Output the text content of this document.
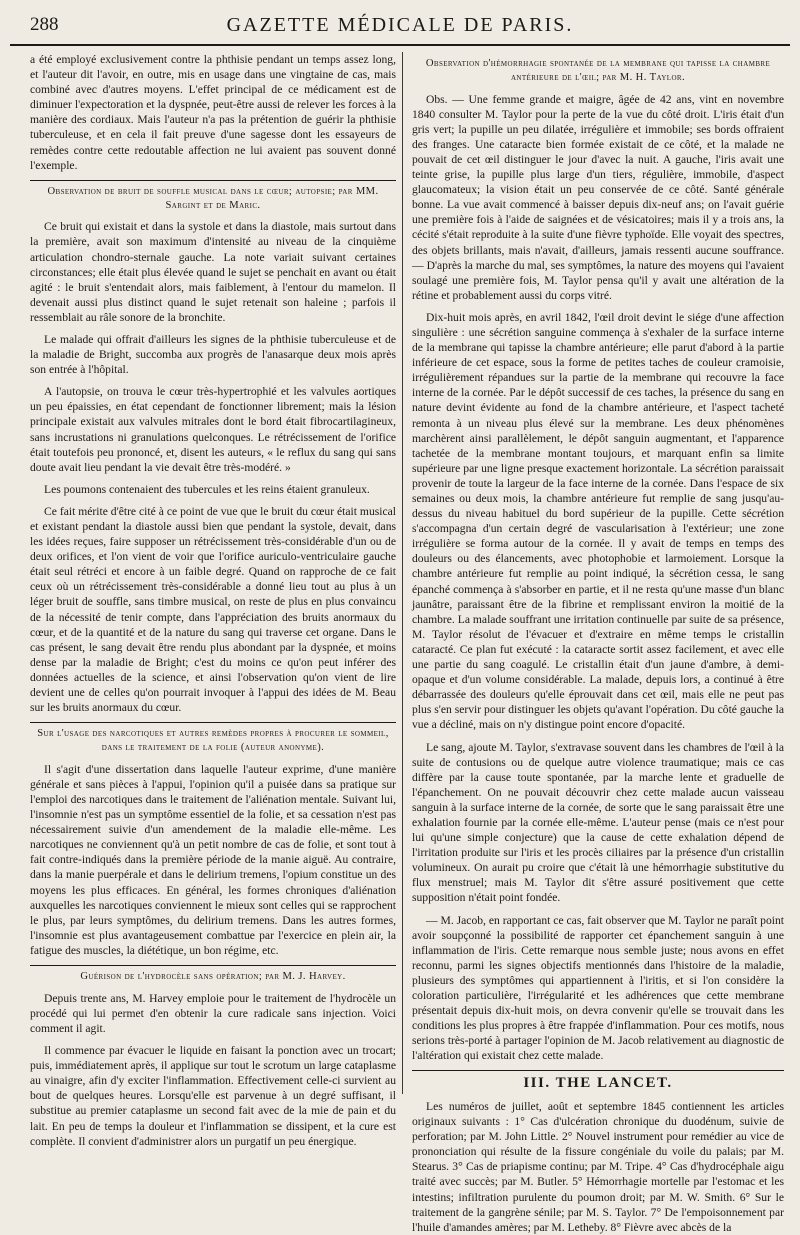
288	GAZETTE MÉDICALE DE PARIS.

a été employé exclusivement contre la phthisie pendant un temps assez long, et l'auteur dit l'avoir, en outre, mis en usage dans une vingtaine de cas, mais combiné avec d'autres moyens. L'effet principal de ce médicament est de diminuer l'expectoration et la dyspnée, peut-être aussi de relever les forces à la manière des cordiaux. Mais l'auteur n'a pas la prétention de guérir la phthisie tuberculeuse, et en cela il fait preuve d'une sagesse dont les essayeurs de remèdes contre cette redoutable affection ne lui avaient pas souvent donné l'exemple.

Observation de bruit de souffle musical dans le cœur; autopsie; par MM. Sargint et de Maric.

Ce bruit qui existait et dans la systole et dans la diastole, mais surtout dans la première, avait son maximum d'intensité au niveau de la cinquième articulation chondro-sternale gauche. La note variait suivant certaines circonstances; elle était plus élevée quand le sujet se penchait en avant ou était agité : le bruit s'entendait alors, mais faiblement, à l'entour du mamelon. Il devenait aussi plus distinct quand le sujet retenait son haleine ; parfois il ressemblait au râle sonore de la bronchite.

Le malade qui offrait d'ailleurs les signes de la phthisie tuberculeuse et de la maladie de Bright, succomba aux progrès de l'anasarque deux mois après son entrée à l'hôpital.

A l'autopsie, on trouva le cœur très-hypertrophié et les valvules aortiques un peu épaissies, en état cependant de fonctionner librement; mais la lésion principale existait aux valvules mitrales dont le bord était fibrocartilagineux, sans incrustations ni granulations quelconques. Le rétrécissement de l'orifice était toutefois peu prononcé, et, disent les auteurs, « le reflux du sang qui sans doute avait lieu pendant la vie devait être très-modéré. »

Les poumons contenaient des tubercules et les reins étaient granuleux.

Ce fait mérite d'être cité à ce point de vue que le bruit du cœur était musical et existant pendant la diastole aussi bien que pendant la systole, devait, dans les idées reçues, faire supposer un rétrécissement très-considérable d'un ou de deux orifices, et l'on vient de voir que l'orifice auriculo-ventriculaire gauche était seul rétréci et encore à un faible degré. Quand on rapproche de ce fait ceux où un rétrécissement très-considérable a donné lieu tout au plus à un léger bruit de souffle, sans timbre musical, on reste de plus en plus convaincu de la nécessité de tenir compte, dans l'appréciation des bruits anormaux du cœur, et de la quantité et de la nature du sang qui traverse cet organe. Dans le cas présent, le sang devait être rendu plus abondant par la dyspnée, et moins dense par la maladie de Bright; c'est du moins ce qu'on peut inférer des données actuelles de la science, et ainsi l'observation qu'on vient de lire devient une de celles qu'on pourrait invoquer à l'appui des idées de M. Beau sur les bruits anormaux du cœur.

Sur l'usage des narcotiques et autres remèdes propres à procurer le sommeil, dans le traitement de la folie (auteur anonyme).

Il s'agit d'une dissertation dans laquelle l'auteur exprime, d'une manière générale et sans pièces à l'appui, l'opinion qu'il a puisée dans sa pratique sur l'emploi des narcotiques dans le traitement de l'aliénation mentale. Suivant lui, l'insomnie n'est pas un symptôme essentiel de la folie, et sa cessation n'est pas nécessairement suivie d'un amendement de la maladie elle-même. Les narcotiques ne conviennent qu'à un petit nombre de cas de folie, et sont tout à fait contre-indiqués dans la première période de la manie aiguë. Au contraire, dans la manie puerpérale et dans le delirium tremens, l'opium constitue un des moyens les plus efficaces. En général, les formes chroniques d'aliénation auxquelles les narcotiques conviennent le mieux sont celles qui se rapprochent le plus, par leurs symptômes, du delirium tremens. Dans les autres formes, l'insomnie est plus avantageusement combattue par l'exercice en plein air, la fatigue des muscles, la diététique, un bon régime, etc.

Guérison de l'hydrocèle sans opération; par M. J. Harvey.

Depuis trente ans, M. Harvey emploie pour le traitement de l'hydrocèle un procédé qui lui permet d'en obtenir la cure radicale sans injection. Voici comment il agit.

Il commence par évacuer le liquide en faisant la ponction avec un trocart; puis, immédiatement après, il applique sur tout le scrotum un large cataplasme au vinaigre, afin d'y exciter l'inflammation. Effectivement celle-ci survient au bout de quelques heures. Lorsqu'elle est parvenue à un degré suffisant, il substitue au premier cataplasme un second fait avec de la mie de pain et du lait. En peu de temps la douleur et l'inflammation se dissipent, et la cure est complète. Il convient d'administrer alors un purgatif un peu énergique.

Observation d'hémorrhagie spontanée de la membrane qui tapisse la chambre antérieure de l'œil; par M. H. Taylor.

Obs. — Une femme grande et maigre, âgée de 42 ans, vint en novembre 1840 consulter M. Taylor pour la perte de la vue du côté droit. L'iris était d'un gris vert; la pupille un peu dilatée, irrégulière et immobile; ses bords offraient des franges. Une cataracte bien formée existait de ce côté, et la malade ne pouvait de cet œil distinguer le jour d'avec la nuit. A gauche, l'iris avait une teinte grise, la pupille plus large d'un tiers, régulière, immobile, d'aspect glaucomateux; la vision était un peu conservée de ce côté. Santé générale bonne. La vue avait commencé à baisser depuis dix-neuf ans; on l'avait guérie une première fois à l'aide de saignées et de vésicatoires; mais il y a trois ans, la cécité s'était reproduite à la suite d'une fièvre typhoïde. Elle voyait des spectres, des objets brillants, mais n'avait, d'ailleurs, jamais ressenti aucune souffrance. — D'après la marche du mal, ses symptômes, la nature des moyens qui l'avaient soulagé une première fois, M. Taylor pensa qu'il y avait une altération de la rétine et probablement aussi du corps vitré.

Dix-huit mois après, en avril 1842, l'œil droit devint le siége d'une affection singulière : une sécrétion sanguine commença à s'exhaler de la surface interne de la membrane qui tapisse la chambre antérieure; elle parut d'abord à la partie inférieure de cet espace, sous la forme de petites taches de couleur cramoisie, irrégulièrement répandues sur la partie de la membrane qui recouvre la face interne de la cornée. Par le dépôt successif de ces taches, la présence du sang en nature devint évidente au fond de la chambre antérieure, et l'aspect tacheté remonta à un niveau plus élevé sur la membrane. Les deux phénomènes marchèrent ainsi parallèlement, le dépôt sanguin augmentant, et l'apparence tachetée de la membrane montant toujours, et marquant enfin sa limite supérieure par une ligne presque exactement horizontale. La sécrétion paraissait provenir de toute la largeur de la face interne de la cornée. Dans l'espace de six semaines ou deux mois, la chambre antérieure fut remplie de sang jusqu'au-dessus du niveau habituel du bord supérieur de la pupille. Cette sécrétion s'accompagna d'un certain degré de vascularisation à l'extérieur; une zone irrégulière se forma autour de la cornée. Il y avait de temps en temps des douleurs ou des élancements, avec photophobie et larmoiement. Lorsque la chambre antérieure fut remplie au point indiqué, la sécrétion cessa, le sang épanché commença à s'absorber en partie, et il ne resta qu'une masse d'un blanc jaunâtre, paraissant être de la fibrine et remplissant environ la moitié de la chambre. La malade souffrant une irritation continuelle par suite de sa présence, M. Taylor résolut de l'évacuer et d'extraire en même temps le cristallin cataracté. Ce plan fut exécuté : la cataracte sortit assez facilement, et avec elle une partie du sang coagulé. Le cristallin était d'un jaune d'ambre, à demi-opaque et d'un volume considérable. La malade, depuis lors, a continué à être débarrassée des douleurs qu'elle éprouvait dans cet œil, mais elle ne peut pas plus s'en servir pour distinguer les objets qu'avant l'opération. Du côté gauche la vue a décliné, mais on n'y distingue point encore d'opacité.

Le sang, ajoute M. Taylor, s'extravase souvent dans les chambres de l'œil à la suite de contusions ou de quelque autre violence traumatique; mais ce cas diffère par la cause toute spontanée, par la marche lente et graduelle de l'épanchement. On ne pouvait découvrir chez cette malade aucun vaisseau sanguin à la surface interne de la cornée, de sorte que le sang paraissait être une exhalation fournie par la cornée elle-même. L'auteur pense (mais ce n'est pour lui qu'une simple conjecture) que la cause de cette exhalation dépend de l'irritation produite sur l'iris et les procès ciliaires par la présence d'un cristallin volumineux. On aurait pu croire que c'était là une hémorrhagie substitutive du flux menstruel; mais M. Taylor dit s'être assuré positivement que cette supposition n'était point fondée.

— M. Jacob, en rapportant ce cas, fait observer que M. Taylor ne paraît point avoir soupçonné la possibilité de rapporter cet épanchement sanguin à une inflammation de l'iris. Cette remarque nous semble juste; nous avons en effet reconnu, parmi les signes objectifs mentionnés dans l'histoire de la maladie, plusieurs des symptômes qui appartiennent à l'iritis, et si l'on considère la coloration particulière, l'irrégularité et les adhérences que cette membrane présentait depuis dix-huit mois, on devra convenir qu'elle se trouvait dans les conditions les plus propres à être frappée d'inflammation. Pour ces motifs, nous serions très-porté à partager l'opinion de M. Jacob relativement au diagnostic de l'altération qui existait chez cette malade.

III. THE LANCET.

Les numéros de juillet, août et septembre 1845 contiennent les articles originaux suivants : 1° Cas d'ulcération chronique du duodénum, suivie de perforation; par M. John Little. 2° Nouvel instrument pour remédier au vice de prononciation qui résulte de la fissure congéniale du voile du palais; par M. Stearus. 3° Cas de priapisme continu; par M. Tripe. 4° Cas d'hydrocéphale aigu traité avec succès; par M. Butler. 5° Hémorrhagie mortelle par l'estomac et les intestins; infiltration purulente du poumon droit; par M. W. Smith. 6° Sur le traitement de la gangrène sénile; par M. S. Taylor. 7° De l'empoisonnement par l'huile d'amandes amères; par M. Letheby. 8° Fièvre avec abcès de la
